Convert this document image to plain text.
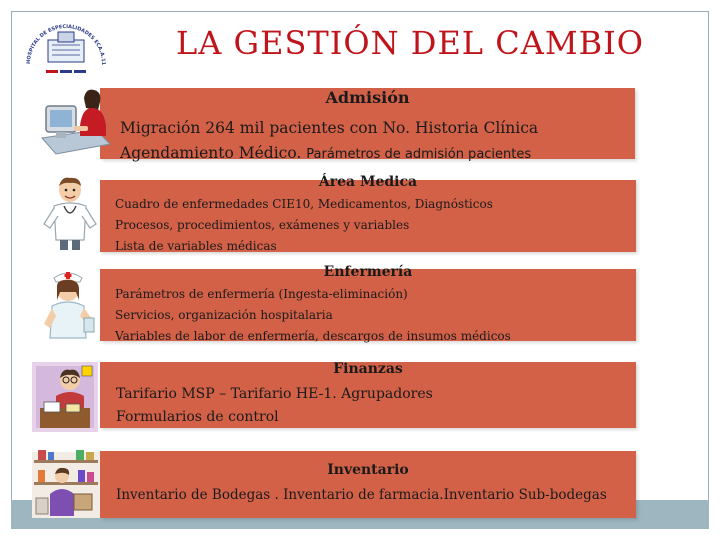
HOSPITAL DE ESPECIALIDADES ECA.A.11
LA GESTIÓN DEL CAMBIO
Admisión
Migración 264 mil pacientes con No. Historia Clínica
Agendamiento Médico. Parámetros de admisión pacientes
Área Medica
Cuadro de enfermedades CIE10, Medicamentos, Diagnósticos
Procesos, procedimientos, exámenes y variables
Lista de variables médicas
Enfermería
Parámetros de enfermería (Ingesta-eliminación)
Servicios, organización hospitalaria
Variables de labor de enfermería, descargos de insumos médicos
Finanzas
Tarifario MSP – Tarifario HE-1. Agrupadores
Formularios de control
Inventario
Inventario de Bodegas . Inventario de farmacia.Inventario Sub-bodegas
